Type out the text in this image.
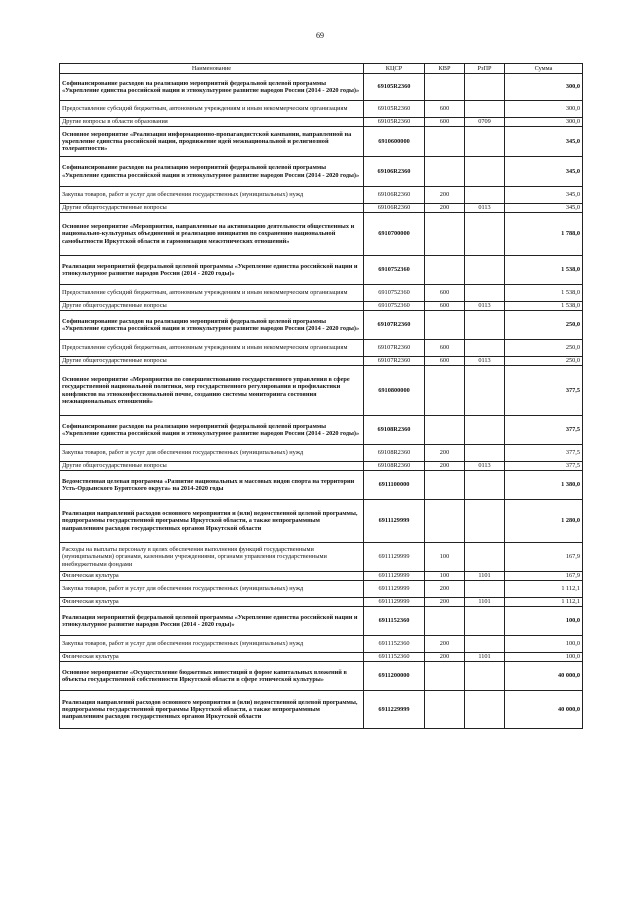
69
Наименование	КЦСР	КВР	РзПР	Сумма
Софинансирование расходов на реализацию мероприятий федеральной целевой программы «Укрепление единства российской нации и этнокультурное развитие народов России (2014 - 2020 годы)»	69105R2360			300,0
Предоставление субсидий бюджетным, автономным учреждениям и иным некоммерческим организациям	69105R2360	600		300,0
Другие вопросы в области образования	69105R2360	600	0709	300,0
Основное мероприятие «Реализация информационно-пропагандистской кампании, направленной на укрепление единства российской нации, продвижение идей межнациональной и религиозной толерантности»	6910600000			345,0
Софинансирование расходов на реализацию мероприятий федеральной целевой программы «Укрепление единства российской нации и этнокультурное развитие народов России (2014 - 2020 годы)»	69106R2360			345,0
Закупка товаров, работ и услуг для обеспечения государственных (муниципальных) нужд	69106R2360	200		345,0
Другие общегосударственные вопросы	69106R2360	200	0113	345,0
Основное мероприятие «Мероприятия, направленные на активизацию деятельности общественных и национально-культурных объединений и реализацию инициатив по сохранению национальной самобытности Иркутской области и гармонизация межэтнических отношений»	6910700000			1 788,0
Реализация мероприятий федеральной целевой программы «Укрепление единства российской нации и этнокультурное развитие народов России (2014 - 2020 годы)»	6910752360			1 538,0
Предоставление субсидий бюджетным, автономным учреждениям и иным некоммерческим организациям	6910752360	600		1 538,0
Другие общегосударственные вопросы	6910752360	600	0113	1 538,0
Софинансирование расходов на реализацию мероприятий федеральной целевой программы «Укрепление единства российской нации и этнокультурное развитие народов России (2014 - 2020 годы)»	69107R2360			250,0
Предоставление субсидий бюджетным, автономным учреждениям и иным некоммерческим организациям	69107R2360	600		250,0
Другие общегосударственные вопросы	69107R2360	600	0113	250,0
Основное мероприятие «Мероприятия по совершенствованию государственного управления в сфере государственной национальной политики, мер государственного регулирования и профилактики конфликтов на этноконфессиональной почве, созданию системы мониторинга состояния межнациональных отношений»	6910800000			377,5
Софинансирование расходов на реализацию мероприятий федеральной целевой программы «Укрепление единства российской нации и этнокультурное развитие народов России (2014 - 2020 годы)»	69108R2360			377,5
Закупка товаров, работ и услуг для обеспечения государственных (муниципальных) нужд	69108R2360	200		377,5
Другие общегосударственные вопросы	69108R2360	200	0113	377,5
Ведомственная целевая программа «Развитие национальных и массовых видов спорта на территории Усть-Ордынского Бурятского округа» на 2014-2020 годы	6911100000			1 380,0
Реализация направлений расходов основного мероприятия и (или) ведомственной целевой программы, подпрограммы государственной программы Иркутской области, а также непрограммным направлениям расходов государственных органов Иркутской области	6911129999			1 280,0
Расходы на выплаты персоналу в целях обеспечения выполнения функций государственными (муниципальными) органами, казенными учреждениями, органами управления государственными внебюджетными фондами	6911129999	100		167,9
Физическая культура	6911129999	100	1101	167,9
Закупка товаров, работ и услуг для обеспечения государственных (муниципальных) нужд	6911129999	200		1 112,1
Физическая культура	6911129999	200	1101	1 112,1
Реализация мероприятий федеральной целевой программы «Укрепление единства российской нации и этнокультурное развитие народов России (2014 - 2020 годы)»	6911152360			100,0
Закупка товаров, работ и услуг для обеспечения государственных (муниципальных) нужд	6911152360	200		100,0
Физическая культура	6911152360	200	1101	100,0
Основное мероприятие «Осуществление бюджетных инвестиций в форме капитальных вложений в объекты государственной собственности Иркутской области в сфере этнической культуры»	6911200000			40 000,0
Реализация направлений расходов основного мероприятия и (или) ведомственной целевой программы, подпрограммы государственной программы Иркутской области, а также непрограммным направлениям расходов государственных органов Иркутской области	6911229999			40 000,0
